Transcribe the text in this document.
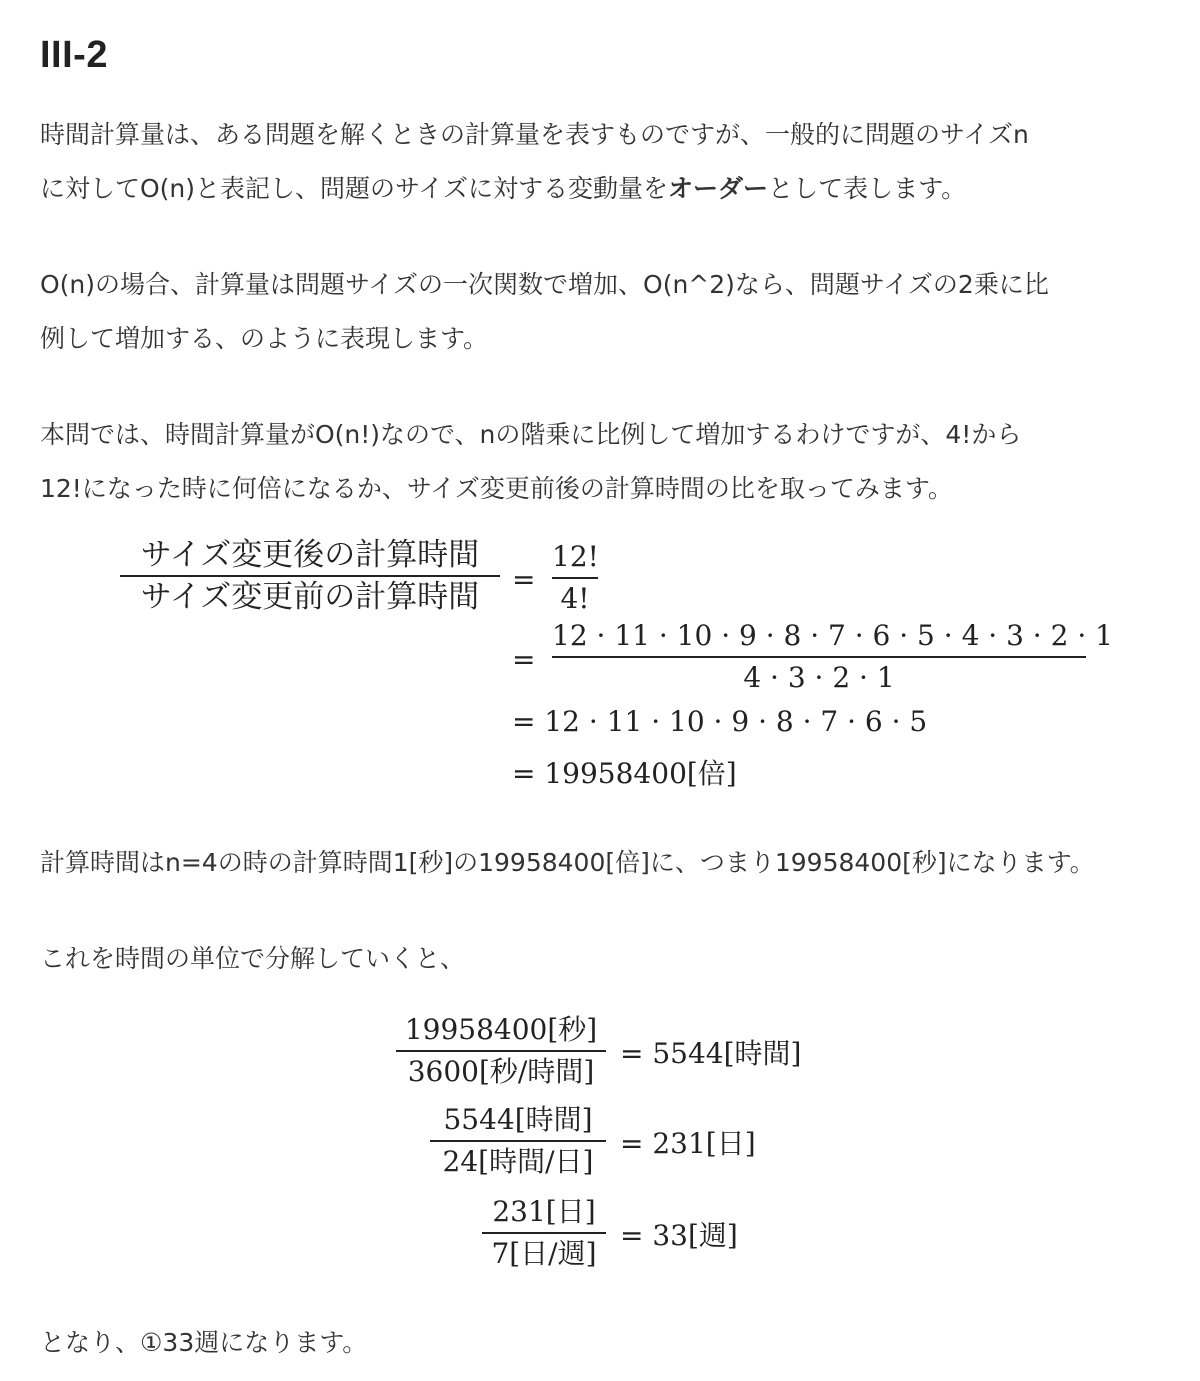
III-2

時間計算量は、ある問題を解くときの計算量を表すものですが、一般的に問題のサイズn
に対してO(n)と表記し、問題のサイズに対する変動量をオーダーとして表します。

O(n)の場合、計算量は問題サイズの一次関数で増加、O(n^2)なら、問題サイズの2乗に比
例して増加する、のように表現します。

本問では、時間計算量がO(n!)なので、nの階乗に比例して増加するわけですが、4!から
12!になった時に何倍になるか、サイズ変更前後の計算時間の比を取ってみます。

サイズ変更後の計算時間
サイズ変更前の計算時間	=
12!
4!
=
12 · 11 · 10 · 9 · 8 · 7 · 6 · 5 · 4 · 3 · 2 · 1
4 · 3 · 2 · 1
= 12 · 11 · 10 · 9 · 8 · 7 · 6 · 5
= 19958400[倍]

計算時間はn=4の時の計算時間1[秒]の19958400[倍]に、つまり19958400[秒]になります。

これを時間の単位で分解していくと、

19958400[秒]
3600[秒/時間]
= 5544[時間]
5544[時間]
24[時間/日]
= 231[日]
231[日]
7[日/週]
= 33[週]

となり、①33週になります。
